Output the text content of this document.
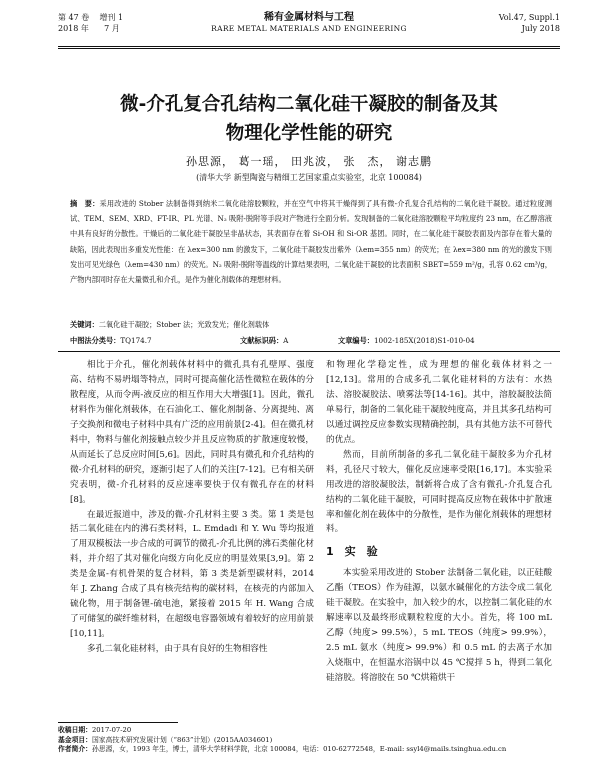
第 47 卷 增刊 1
2018 年 7 月
稀有金属材料与工程
RARE METAL MATERIALS AND ENGINEERING
Vol.47, Suppl.1
July 2018
微-介孔复合孔结构二氧化硅干凝胶的制备及其
物理化学性能的研究
孙思源， 葛一瑶， 田兆波， 张　杰， 谢志鹏
(清华大学 新型陶瓷与精细工艺国家重点实验室，北京 100084)
摘　要：采用改进的 Stober 法制备得到纳米二氧化硅溶胶颗粒，并在空气中将其干燥得到了具有微-介孔复合孔结构的二氧化硅干凝胶。通过粒度测试、TEM、SEM、XRD、FT-IR、PL 光谱、N₂ 吸附-脱附等手段对产物进行全面分析。发现制备的二氧化硅溶胶颗粒平均粒度约 23 nm，在乙醇溶液中具有良好的分散性。干燥后的二氧化硅干凝胶呈非晶状态，其表面存在着 Si-OH 和 Si-OR 基团。同时，在二氧化硅干凝胶表面及内部存在着大量的缺陷，因此表现出多重发光性能：在 λex=300 nm 的激发下，二氧化硅干凝胶发出紫外（λem=355 nm）的荧光；在 λex=380 nm 的光的激发下则发出可见光绿色（λem=430 nm）的荧光。N₂ 吸附-脱附等温线的计算结果表明，二氧化硅干凝胶的比表面积 SBET=559 m²/g，孔容 0.62 cm³/g，产物内部同时存在大量微孔和介孔，是作为催化剂载体的理想材料。
关键词：二氧化硅干凝胶；Stober 法；光致发光；催化剂载体
中图法分类号：TQ174.7	文献标识码：A	文章编号：1002-185X(2018)S1-010-04

相比于介孔，催化剂载体材料中的微孔具有孔壁厚、强度高、结构不易坍塌等特点，同时可提高催化活性微粒在载体的分散程度，从而令两-液反应的相互作用大大增强[1]。因此，微孔材料作为催化剂载体，在石油化工、催化剂制备、分离提纯、离子交换剂和微电子材料中具有广泛的应用前景[2-4]。但在微孔材料中，物料与催化剂接触点较少并且反应物质的扩散速度较慢，从而延长了总反应时间[5,6]。因此，同时具有微孔和介孔结构的微-介孔材料的研究，逐渐引起了人们的关注[7-12]。已有相关研究表明，微-介孔材料的反应速率要快于仅有微孔存在的材料[8]。

在最近报道中，涉及的微-介孔材料主要 3 类。第 1 类是包括二氧化硅在内的沸石类材料，L. Emdadi 和 Y. Wu 等均报道了用双模板法一步合成的可调节的微孔-介孔比例的沸石类催化材料，并介绍了其对催化向级方向化反应的明显效果[3,9]。第 2 类是金属-有机骨架的复合材料，第 3 类是新型碳材料，2014 年 J. Zhang 合成了具有核壳结构的碳材料，在核壳的内部加入硫化物，用于制备锂-硫电池，紧接着 2015 年 H. Wang 合成了可储氢的碳纤维材料，在超级电容器领域有着较好的应用前景[10,11]。

多孔二氧化硅材料，由于具有良好的生物相容性

和物理化学稳定性，成为理想的催化载体材料之一[12,13]。常用的合成多孔二氧化硅材料的方法有：水热法、溶胶凝胶法、喷雾法等[14-16]。其中，溶胶凝胶法简单易行，制备的二氧化硅干凝胶纯度高，并且其多孔结构可以通过调控反应参数实现精确控制，具有其他方法不可替代的优点。

然而，目前所制备的多孔二氧化硅干凝胶多为介孔材料，孔径尺寸较大，催化反应速率受限[16,17]。本实验采用改进的溶胶凝胶法，制新将合成了含有微孔-介孔复合孔结构的二氧化硅干凝胶，可同时提高反应物在载体中扩散速率和催化剂在载体中的分散性，是作为催化剂载体的理想材料。

1　实　验

本实验采用改进的 Stober 法制备二氧化硅，以正硅酸乙酯（TEOS）作为硅源，以氨水碱催化的方法令成二氧化硅干凝胶。在实验中，加入较少的水，以控制二氧化硅的水解速率以及最终形成颗粒粒度的大小。首先，将 100 mL 乙醇（纯度> 99.5%），5 mL TEOS（纯度> 99.9%），2.5 mL 氨水（纯度> 99.9%）和 0.5 mL 的去离子水加入烧瓶中，在恒温水浴锅中以 45 ℃搅拌 5 h，得到二氧化硅溶胶。将溶胶在 50 ℃烘箱烘干

收稿日期：2017-07-20
基金项目：国家高技术研究发展计划（“863”计划）(2015AA034601)
作者简介：孙思源，女，1993 年生，博士，清华大学材料学院，北京 100084，电话：010-62772548，E-mail: ssyl4@mails.tsinghua.edu.cn
